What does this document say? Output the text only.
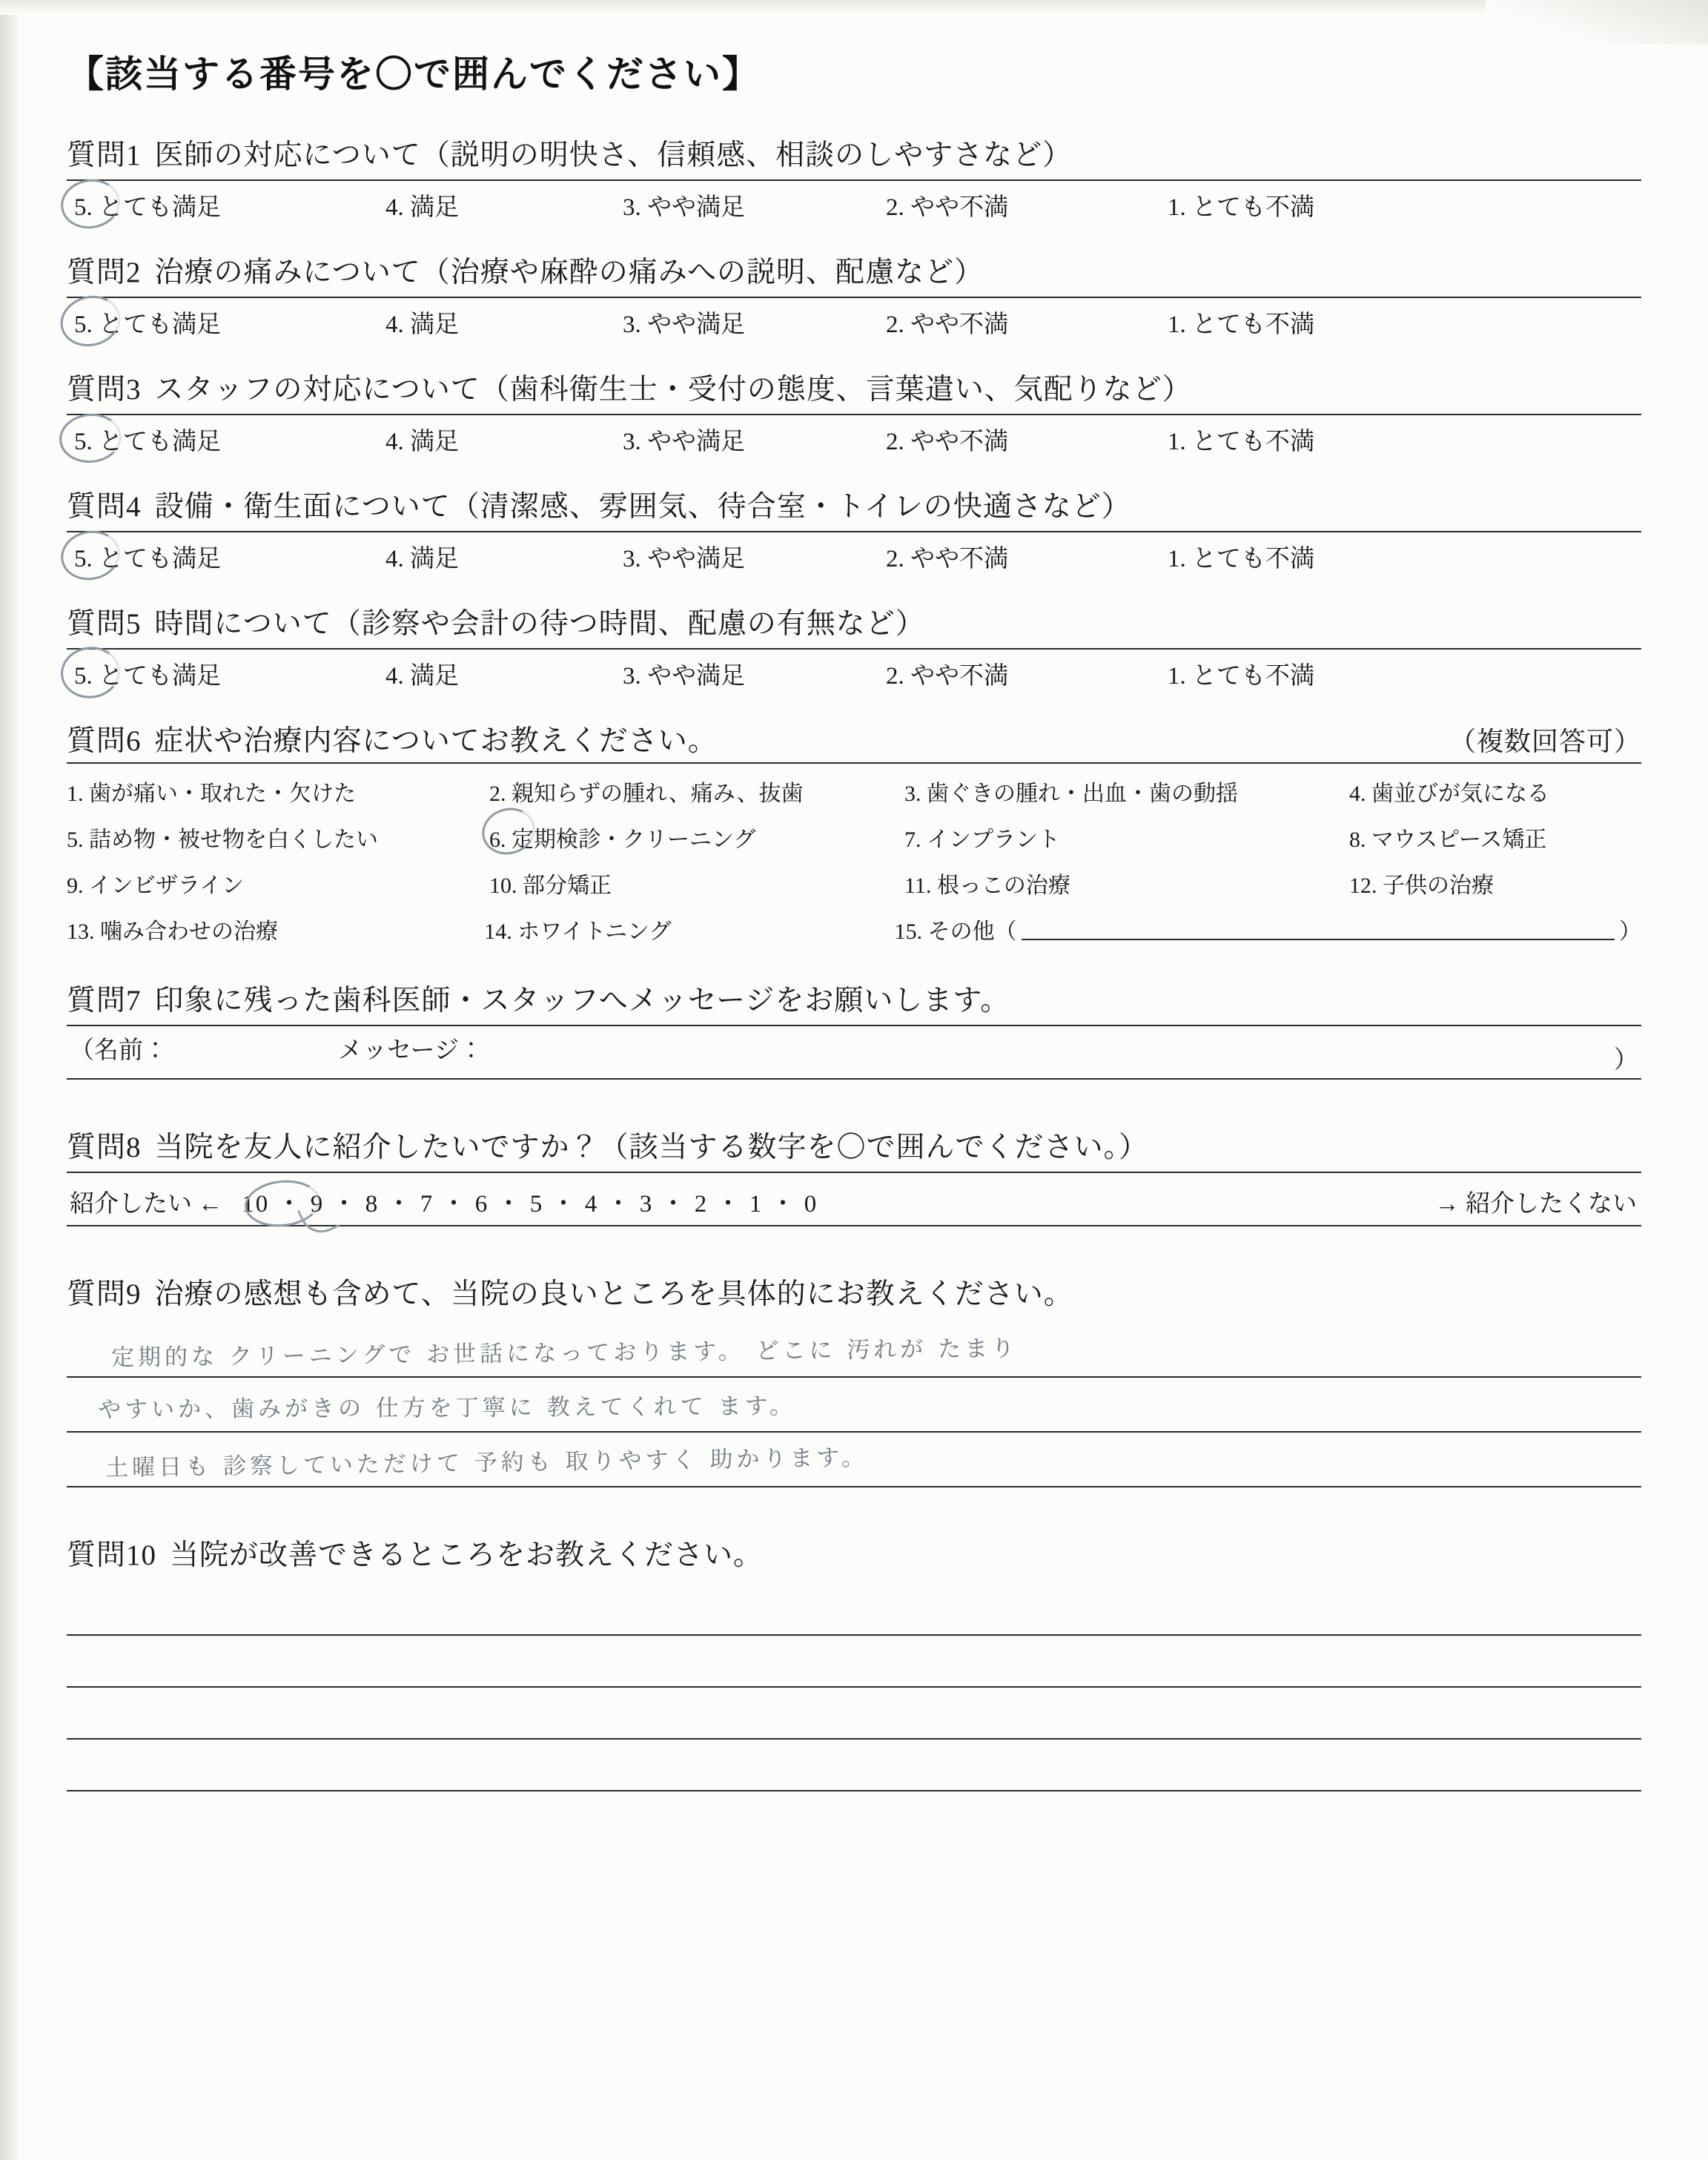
【該当する番号を〇で囲んでください】
質問1 医師の対応について（説明の明快さ、信頼感、相談のしやすさなど）
5. とても満足	4. 満足	3. やや満足	2. やや不満	1. とても不満
質問2 治療の痛みについて（治療や麻酔の痛みへの説明、配慮など）
5. とても満足	4. 満足	3. やや満足	2. やや不満	1. とても不満
質問3 スタッフの対応について（歯科衛生士・受付の態度、言葉遣い、気配りなど）
5. とても満足	4. 満足	3. やや満足	2. やや不満	1. とても不満
質問4 設備・衛生面について（清潔感、雰囲気、待合室・トイレの快適さなど）
5. とても満足	4. 満足	3. やや満足	2. やや不満	1. とても不満
質問5 時間について（診察や会計の待つ時間、配慮の有無など）
5. とても満足	4. 満足	3. やや満足	2. やや不満	1. とても不満
質問6 症状や治療内容についてお教えください。	（複数回答可）
1. 歯が痛い・取れた・欠けた	2. 親知らずの腫れ、痛み、抜歯	3. 歯ぐきの腫れ・出血・歯の動揺	4. 歯並びが気になる
5. 詰め物・被せ物を白くしたい	6. 定期検診・クリーニング	7. インプラント	8. マウスピース矯正
9. インビザライン	10. 部分矯正	11. 根っこの治療	12. 子供の治療
13. 噛み合わせの治療	14. ホワイトニング	15. その他（	）
質問7 印象に残った歯科医師・スタッフへメッセージをお願いします。
（名前：	メッセージ：	）
質問8 当院を友人に紹介したいですか？（該当する数字を〇で囲んでください。）
紹介したい ← 10 ・ 9 ・ 8 ・ 7 ・ 6 ・ 5 ・ 4 ・ 3 ・ 2 ・ 1 ・ 0	→ 紹介したくない
質問9 治療の感想も含めて、当院の良いところを具体的にお教えください。
定期的な クリーニングで お世話になっております。 どこに 汚れが たまり
やすいか、歯みがきの 仕方を丁寧に 教えてくれて ます。
土曜日も 診察していただけて 予約も 取りやすく 助かります。
質問10 当院が改善できるところをお教えください。
